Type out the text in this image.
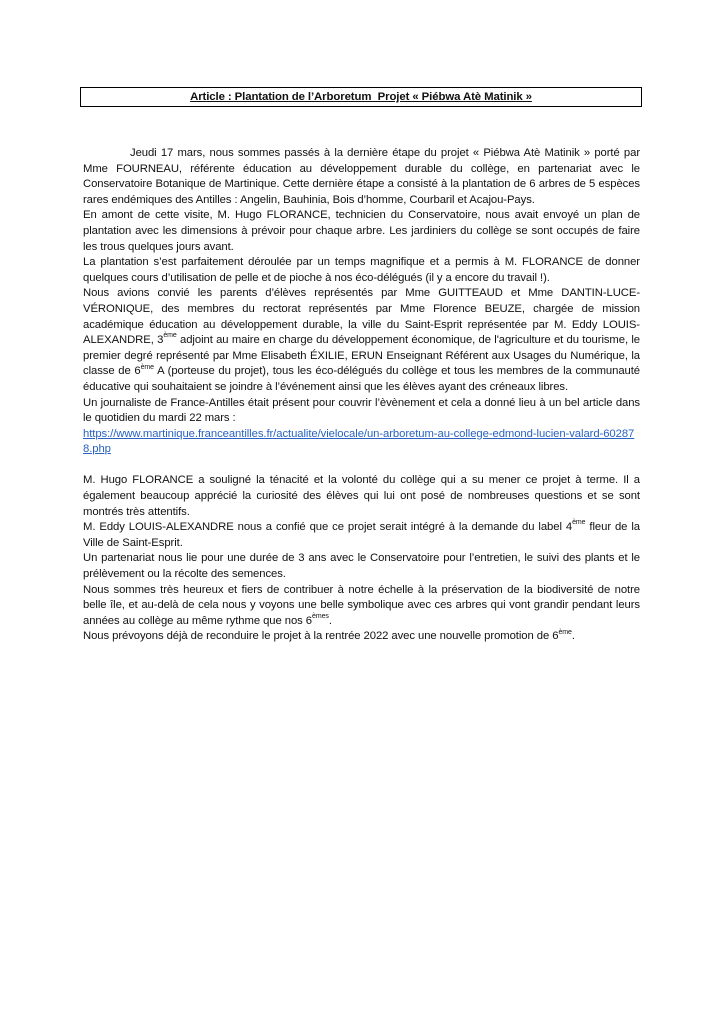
Article : Plantation de l’Arboretum_Projet « Piébwa Atè Matinik »

Jeudi 17 mars, nous sommes passés à la dernière étape du projet « Piébwa Atè Matinik » porté par Mme FOURNEAU, référente éducation au développement durable du collège, en partenariat avec le Conservatoire Botanique de Martinique. Cette dernière étape a consisté à la plantation de 6 arbres de 5 espèces rares endémiques des Antilles : Angelin, Bauhinia, Bois d’homme, Courbaril et Acajou-Pays.

En amont de cette visite, M. Hugo FLORANCE, technicien du Conservatoire, nous avait envoyé un plan de plantation avec les dimensions à prévoir pour chaque arbre. Les jardiniers du collège se sont occupés de faire les trous quelques jours avant.

La plantation s’est parfaitement déroulée par un temps magnifique et a permis à M. FLORANCE de donner quelques cours d’utilisation de pelle et de pioche à nos éco-délégués (il y a encore du travail !).

Nous avions convié les parents d’élèves représentés par Mme GUITTEAUD et Mme DANTIN-LUCE-VÉRONIQUE, des membres du rectorat représentés par Mme Florence BEUZE, chargée de mission académique éducation au développement durable, la ville du Saint-Esprit représentée par M. Eddy LOUIS-ALEXANDRE, 3ème adjoint au maire en charge du développement économique, de l'agriculture et du tourisme, le premier degré représenté par Mme Elisabeth ÉXILIE, ERUN Enseignant Référent aux Usages du Numérique, la classe de 6ème A (porteuse du projet), tous les éco-délégués du collège et tous les membres de la communauté éducative qui souhaitaient se joindre à l’événement ainsi que les élèves ayant des créneaux libres.

Un journaliste de France-Antilles était présent pour couvrir l’èvènement et cela a donné lieu à un bel article dans le quotidien du mardi 22 mars :

https://www.martinique.franceantilles.fr/actualite/vielocale/un-arboretum-au-college-edmond-lucien-valard-602878.php

M. Hugo FLORANCE a souligné la ténacité et la volonté du collège qui a su mener ce projet à terme. Il a également beaucoup apprécié la curiosité des élèves qui lui ont posé de nombreuses questions et se sont montrés très attentifs.

M. Eddy LOUIS-ALEXANDRE nous a confié que ce projet serait intégré à la demande du label 4ème fleur de la Ville de Saint-Esprit.

Un partenariat nous lie pour une durée de 3 ans avec le Conservatoire pour l’entretien, le suivi des plants et le prélèvement ou la récolte des semences.

Nous sommes très heureux et fiers de contribuer à notre échelle à la préservation de la biodiversité de notre belle île, et au-delà de cela nous y voyons une belle symbolique avec ces arbres qui vont grandir pendant leurs années au collège au même rythme que nos 6èmes.

Nous prévoyons déjà de reconduire le projet à la rentrée 2022 avec une nouvelle promotion de 6ème.
